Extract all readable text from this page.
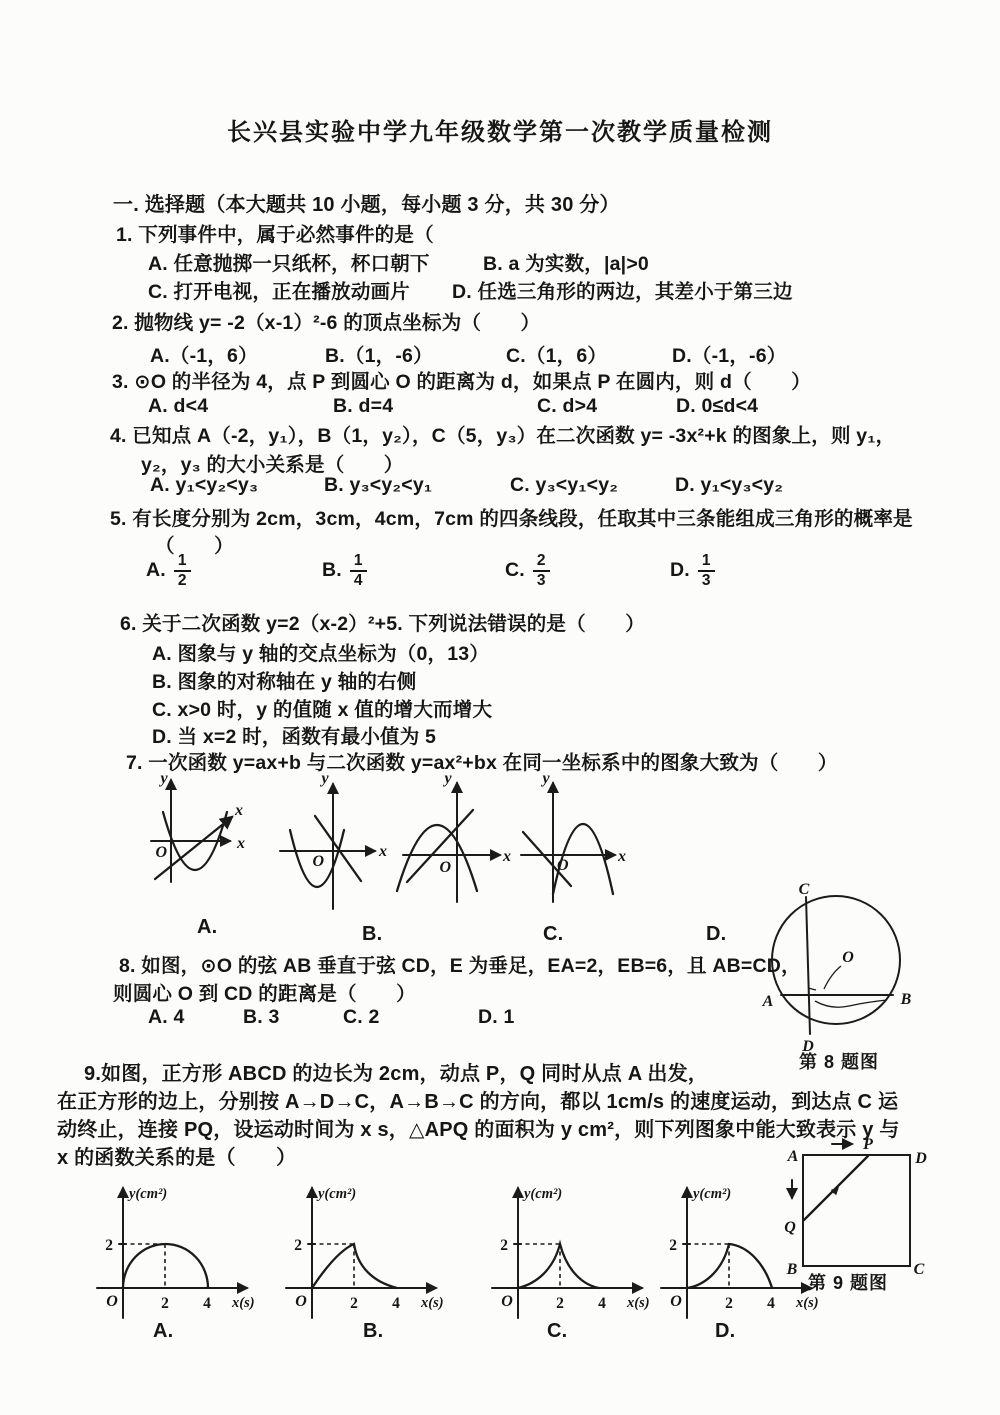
长兴县实验中学九年级数学第一次教学质量检测
一. 选择题（本大题共 10 小题，每小题 3 分，共 30 分）
1. 下列事件中，属于必然事件的是（
A. 任意抛掷一只纸杯，杯口朝下	B. a 为实数，|a|>0
C. 打开电视，正在播放动画片 D. 任选三角形的两边，其差小于第三边
2. 抛物线 y= -2（x-1）²-6 的顶点坐标为（　　）
A.（-1，6）	B.（1，-6）	C.（1，6）	D.（-1，-6）
3. ⊙O 的半径为 4，点 P 到圆心 O 的距离为 d，如果点 P 在圆内，则 d（　　）
A. d<4	B. d=4	C. d>4	D. 0≤d<4
4. 已知点 A（-2，y₁），B（1，y₂），C（5，y₃）在二次函数 y= -3x²+k 的图象上，则 y₁，
y₂，y₃ 的大小关系是（　　）
A. y₁<y₂<y₃	B. y₃<y₂<y₁	C. y₃<y₁<y₂	D. y₁<y₃<y₂
5. 有长度分别为 2cm，3cm，4cm，7cm 的四条线段，任取其中三条能组成三角形的概率是
（　　）
A. $\frac{1}{2}$	B. $\frac{1}{4}$	C. $\frac{2}{3}$	D. $\frac{1}{3}$
6. 关于二次函数 y=2（x-2）²+5. 下列说法错误的是（　　）
A. 图象与 y 轴的交点坐标为（0，13）
B. 图象的对称轴在 y 轴的右侧
C. x>0 时，y 的值随 x 值的增大而增大
D. 当 x=2 时，函数有最小值为 5
7. 一次函数 y=ax+b 与二次函数 y=ax²+bx 在同一坐标系中的图象大致为（　　）
y
x
x
O
y
x
O
y
x
O
y
x
O
A.	B.	C.	D.
8. 如图，⊙O 的弦 AB 垂直于弦 CD，E 为垂足，EA=2，EB=6，且 AB=CD，
则圆心 O 到 CD 的距离是（　　）
A. 4	B. 3	C. 2	D. 1
C
D
A	B
O
第 8 题图
9.如图，正方形 ABCD 的边长为 2cm，动点 P，Q 同时从点 A 出发，
在正方形的边上，分别按 A→D→C，A→B→C 的方向，都以 1cm/s 的速度运动，到达点 C 运
动终止，连接 PQ，设运动时间为 x s，△APQ 的面积为 y cm²，则下列图象中能大致表示 y 与
x 的函数关系的是（　　）	A	D
B	C
P
Q
第 9 题图
2
2 4
O
y(cm²)
x(s)
2
2 4
O
y(cm²)
x(s)
2
2 4
O
y(cm²)
x(s)
2
2 4
O
y(cm²)
x(s)
A.	B.	C.	D.
